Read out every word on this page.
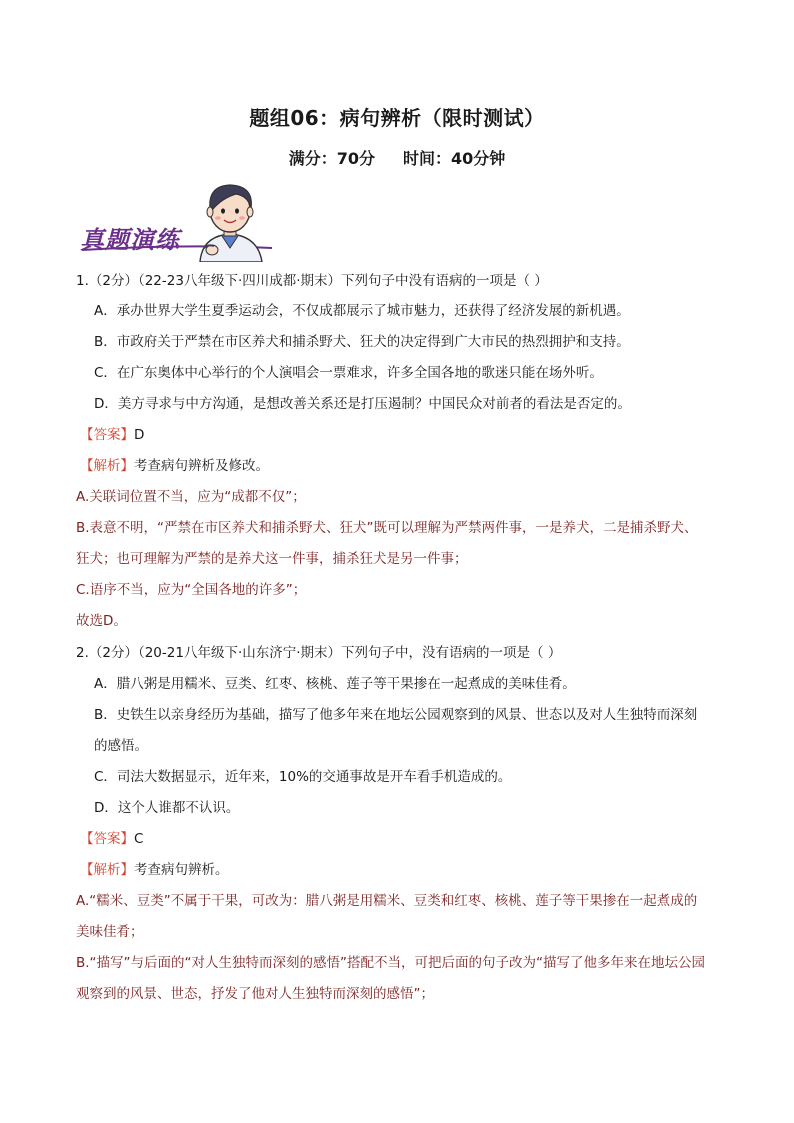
题组06：病句辨析（限时测试）
满分：70分 时间：40分钟
真题演练
1.（2分）（22-23八年级下·四川成都·期末）下列句子中没有语病的一项是（ ）
A．承办世界大学生夏季运动会，不仅成都展示了城市魅力，还获得了经济发展的新机遇。
B．市政府关于严禁在市区养犬和捕杀野犬、狂犬的决定得到广大市民的热烈拥护和支持。
C．在广东奥体中心举行的个人演唱会一票难求，许多全国各地的歌迷只能在场外听。
D．美方寻求与中方沟通，是想改善关系还是打压遏制？中国民众对前者的看法是否定的。
【答案】D
【解析】考查病句辨析及修改。
A.关联词位置不当，应为“成都不仅”；
B.表意不明，“严禁在市区养犬和捕杀野犬、狂犬”既可以理解为严禁两件事，一是养犬，二是捕杀野犬、
狂犬；也可理解为严禁的是养犬这一件事，捕杀狂犬是另一件事；
C.语序不当，应为“全国各地的许多”；
故选D。
2.（2分）（20-21八年级下·山东济宁·期末）下列句子中，没有语病的一项是（ ）
A．腊八粥是用糯米、豆类、红枣、核桃、莲子等干果掺在一起煮成的美味佳肴。
B．史铁生以亲身经历为基础，描写了他多年来在地坛公园观察到的风景、世态以及对人生独特而深刻
的感悟。
C．司法大数据显示，近年来，10%的交通事故是开车看手机造成的。
D．这个人谁都不认识。
【答案】C
【解析】考查病句辨析。
A.“糯米、豆类”不属于干果，可改为：腊八粥是用糯米、豆类和红枣、核桃、莲子等干果掺在一起煮成的
美味佳肴；
B.“描写”与后面的“对人生独特而深刻的感悟”搭配不当，可把后面的句子改为“描写了他多年来在地坛公园
观察到的风景、世态，抒发了他对人生独特而深刻的感悟”；
